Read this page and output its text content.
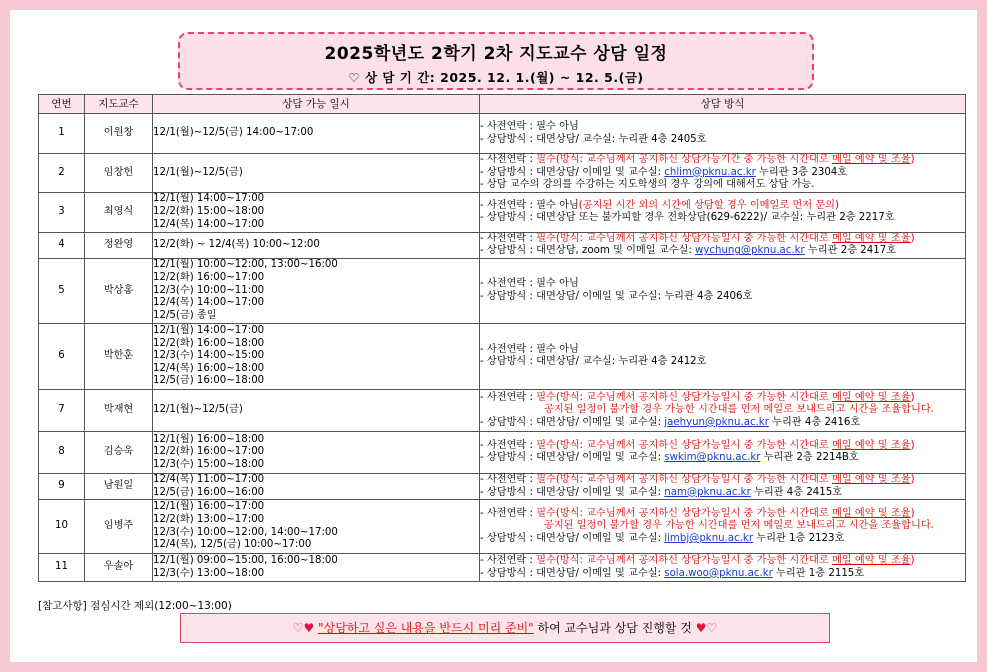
2025학년도 2학기 2차 지도교수 상담 일정
♡ 상 담 기 간: 2025. 12. 1.(월) ~ 12. 5.(금)
연번	지도교수	상담 가능 일시	상담 방식
1	이원창	12/1(월)~12/5(금) 14:00~17:00	- 사전연락 : 필수 아님
- 상담방식 : 대면상담/ 교수실: 누리관 4층 2405호

2	임창헌	12/1(월)~12/5(금)	- 사전연락 : 필수(방식: 교수님께서 공지하신 상담가능기간 중 가능한 시간대로 메일 예약 및 조율)
- 상담방식 : 대면상담/ 이메일 및 교수실: chlim@pknu.ac.kr 누리관 3층 2304호
- 상담 교수의 강의를 수강하는 지도학생의 경우 강의에 대해서도 상담 가능.

3	최영식	12/1(월) 14:00~17:00
12/2(화) 15:00~18:00
12/4(목) 14:00~17:00	- 사전연락 : 필수 아님(공지된 시간 외의 시간에 상담할 경우 이메일로 먼저 문의)
- 상담방식 : 대면상담 또는 불가피할 경우 전화상담(629-6222)/ 교수실: 누리관 2층 2217호

4	정완영	12/2(화) ~ 12/4(목) 10:00~12:00	- 사전연락 : 필수(방식: 교수님께서 공지하신 상담가능일시 중 가능한 시간대로 메일 예약 및 조율)
- 상담방식 : 대면상담, zoom 및 이메일 교수실: wychung@pknu.ac.kr 누리관 2층 2417호

5	박상홍	12/1(월) 10:00~12:00, 13:00~16:00
12/2(화) 16:00~17:00
12/3(수) 10:00~11:00
12/4(목) 14:00~17:00
12/5(금) 종일	- 사전연락 : 필수 아님
- 상담방식 : 대면상담/ 이메일 및 교수실: 누리관 4층 2406호

6	박한훈	12/1(월) 14:00~17:00
12/2(화) 16:00~18:00
12/3(수) 14:00~15:00
12/4(목) 16:00~18:00
12/5(금) 16:00~18:00	- 사전연락 : 필수 아님
- 상담방식 : 대면상담/ 교수실: 누리관 4층 2412호

7	박재현	12/1(월)~12/5(금)	- 사전연락 : 필수(방식: 교수님께서 공지하신 상담가능일시 중 가능한 시간대로 메일 예약 및 조율)
공지된 일정이 불가할 경우 가능한 시간대를 먼저 메일로 보내드리고 시간을 조율합니다.
- 상담방식 : 대면상담/ 이메일 및 교수실: jaehyun@pknu.ac.kr 누리관 4층 2416호

8	김승욱	12/1(월) 16:00~18:00
12/2(화) 16:00~17:00
12/3(수) 15:00~18:00	- 사전연락 : 필수(방식: 교수님께서 공지하신 상담가능일시 중 가능한 시간대로 메일 예약 및 조율)
- 상담방식 : 대면상담/ 이메일 및 교수실: swkim@pknu.ac.kr 누리관 2층 2214B호

9	남원일	12/4(목) 11:00~17:00
12/5(금) 16:00~16:00	- 사전연락 : 필수(방식: 교수님께서 공지하신 상담가능일시 중 가능한 시간대로 메일 예약 및 조율)
- 상담방식 : 대면상담/ 이메일 및 교수실: nam@pknu.ac.kr 누리관 4층 2415호

10	임병주	12/1(월) 16:00~17:00
12/2(화) 13:00~17:00
12/3(수) 10:00~12:00, 14:00~17:00
12/4(목), 12/5(금) 10:00~17:00	- 사전연락 : 필수(방식: 교수님께서 공지하신 상담가능일시 중 가능한 시간대로 메일 예약 및 조율)
공지된 일정이 불가할 경우 가능한 시간대를 먼저 메일로 보내드리고 시간을 조율합니다.
- 상담방식 : 대면상담/ 이메일 및 교수실: limbj@pknu.ac.kr 누리관 1층 2123호

11	우솔아	12/1(월) 09:00~15:00, 16:00~18:00
12/3(수) 13:00~18:00	- 사전연락 : 필수(방식: 교수님께서 공지하신 상담가능일시 중 가능한 시간대로 메일 예약 및 조율)
- 상담방식 : 대면상담/ 이메일 및 교수실: sola.woo@pknu.ac.kr 누리관 1층 2115호
[참고사항] 점심시간 제외(12:00~13:00)
♡♥ "상담하고 싶은 내용을 반드시 미리 준비" 하여 교수님과 상담 진행할 것 ♥♡
